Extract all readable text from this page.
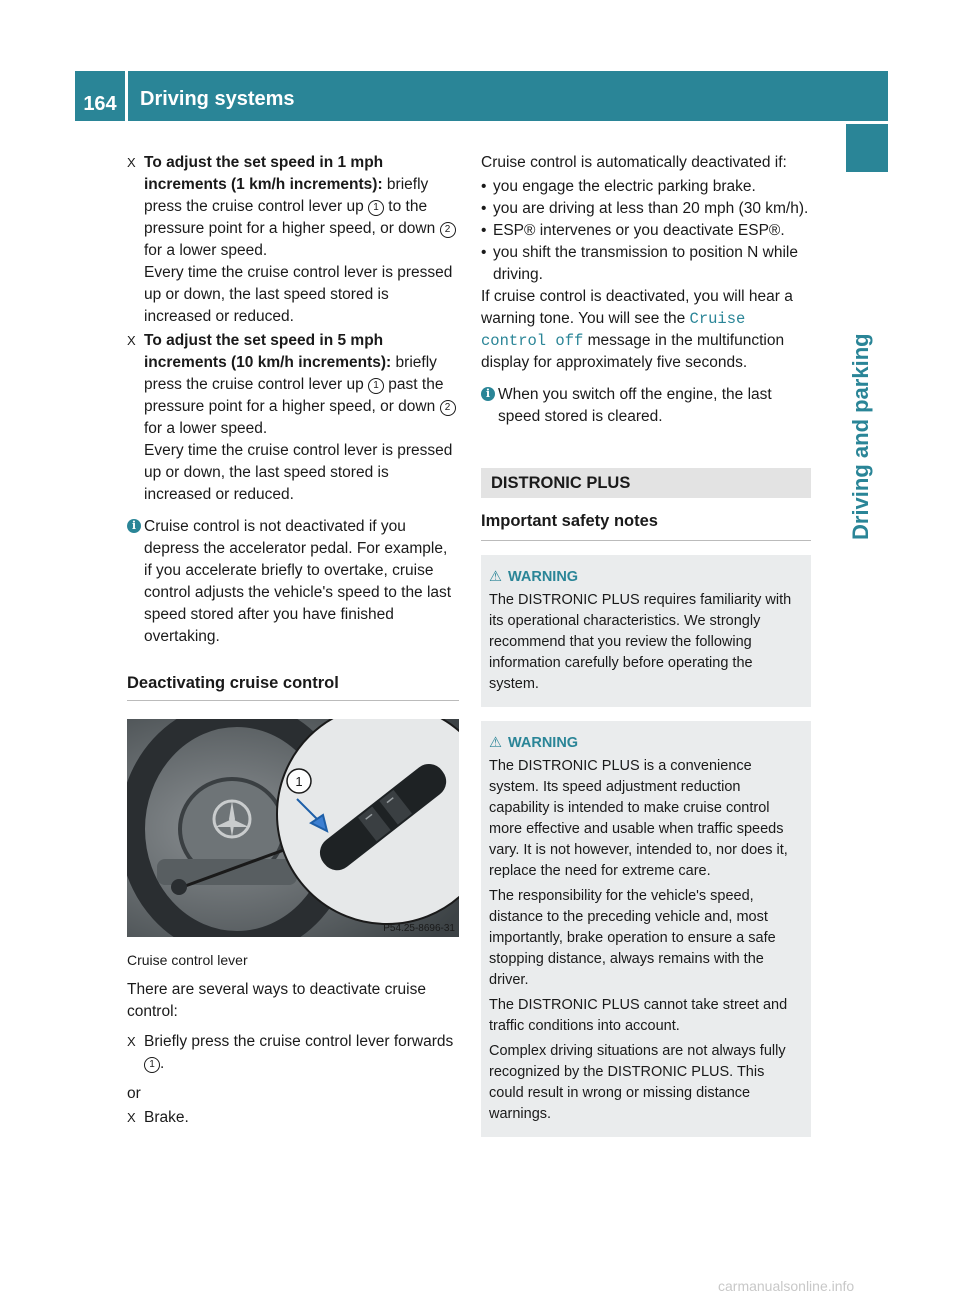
164	Driving systems
Driving and parking
X To adjust the set speed in 1 mph increments (1 km/h increments): briefly press the cruise control lever up 1 to the pressure point for a higher speed, or down 2 for a lower speed.
Every time the cruise control lever is pressed up or down, the last speed stored is increased or reduced.
X To adjust the set speed in 5 mph increments (10 km/h increments): briefly press the cruise control lever up 1 past the pressure point for a higher speed, or down 2 for a lower speed.
Every time the cruise control lever is pressed up or down, the last speed stored is increased or reduced.
i Cruise control is not deactivated if you depress the accelerator pedal. For example, if you accelerate briefly to overtake, cruise control adjusts the vehicle's speed to the last speed stored after you have finished overtaking.
Deactivating cruise control
1
P54.25-8696-31
Cruise control lever
There are several ways to deactivate cruise control:
X Briefly press the cruise control lever forwards 1 .
or
X Brake.
Cruise control is automatically deactivated if:
• you engage the electric parking brake.
• you are driving at less than 20 mph (30 km/h).
• ESP® intervenes or you deactivate ESP®.
• you shift the transmission to position N while driving.
If cruise control is deactivated, you will hear a warning tone. You will see the Cruise control off message in the multifunction display for approximately five seconds.
i When you switch off the engine, the last speed stored is cleared.
DISTRONIC PLUS
Important safety notes
⚠ WARNING

The DISTRONIC PLUS requires familiarity with its operational characteristics. We strongly recommend that you review the following information carefully before operating the system.

⚠ WARNING

The DISTRONIC PLUS is a convenience system. Its speed adjustment reduction capability is intended to make cruise control more effective and usable when traffic speeds vary. It is not however, intended to, nor does it, replace the need for extreme care.

The responsibility for the vehicle's speed, distance to the preceding vehicle and, most importantly, brake operation to ensure a safe stopping distance, always remains with the driver.

The DISTRONIC PLUS cannot take street and traffic conditions into account.

Complex driving situations are not always fully recognized by the DISTRONIC PLUS. This could result in wrong or missing distance warnings.

carmanualsonline.info
